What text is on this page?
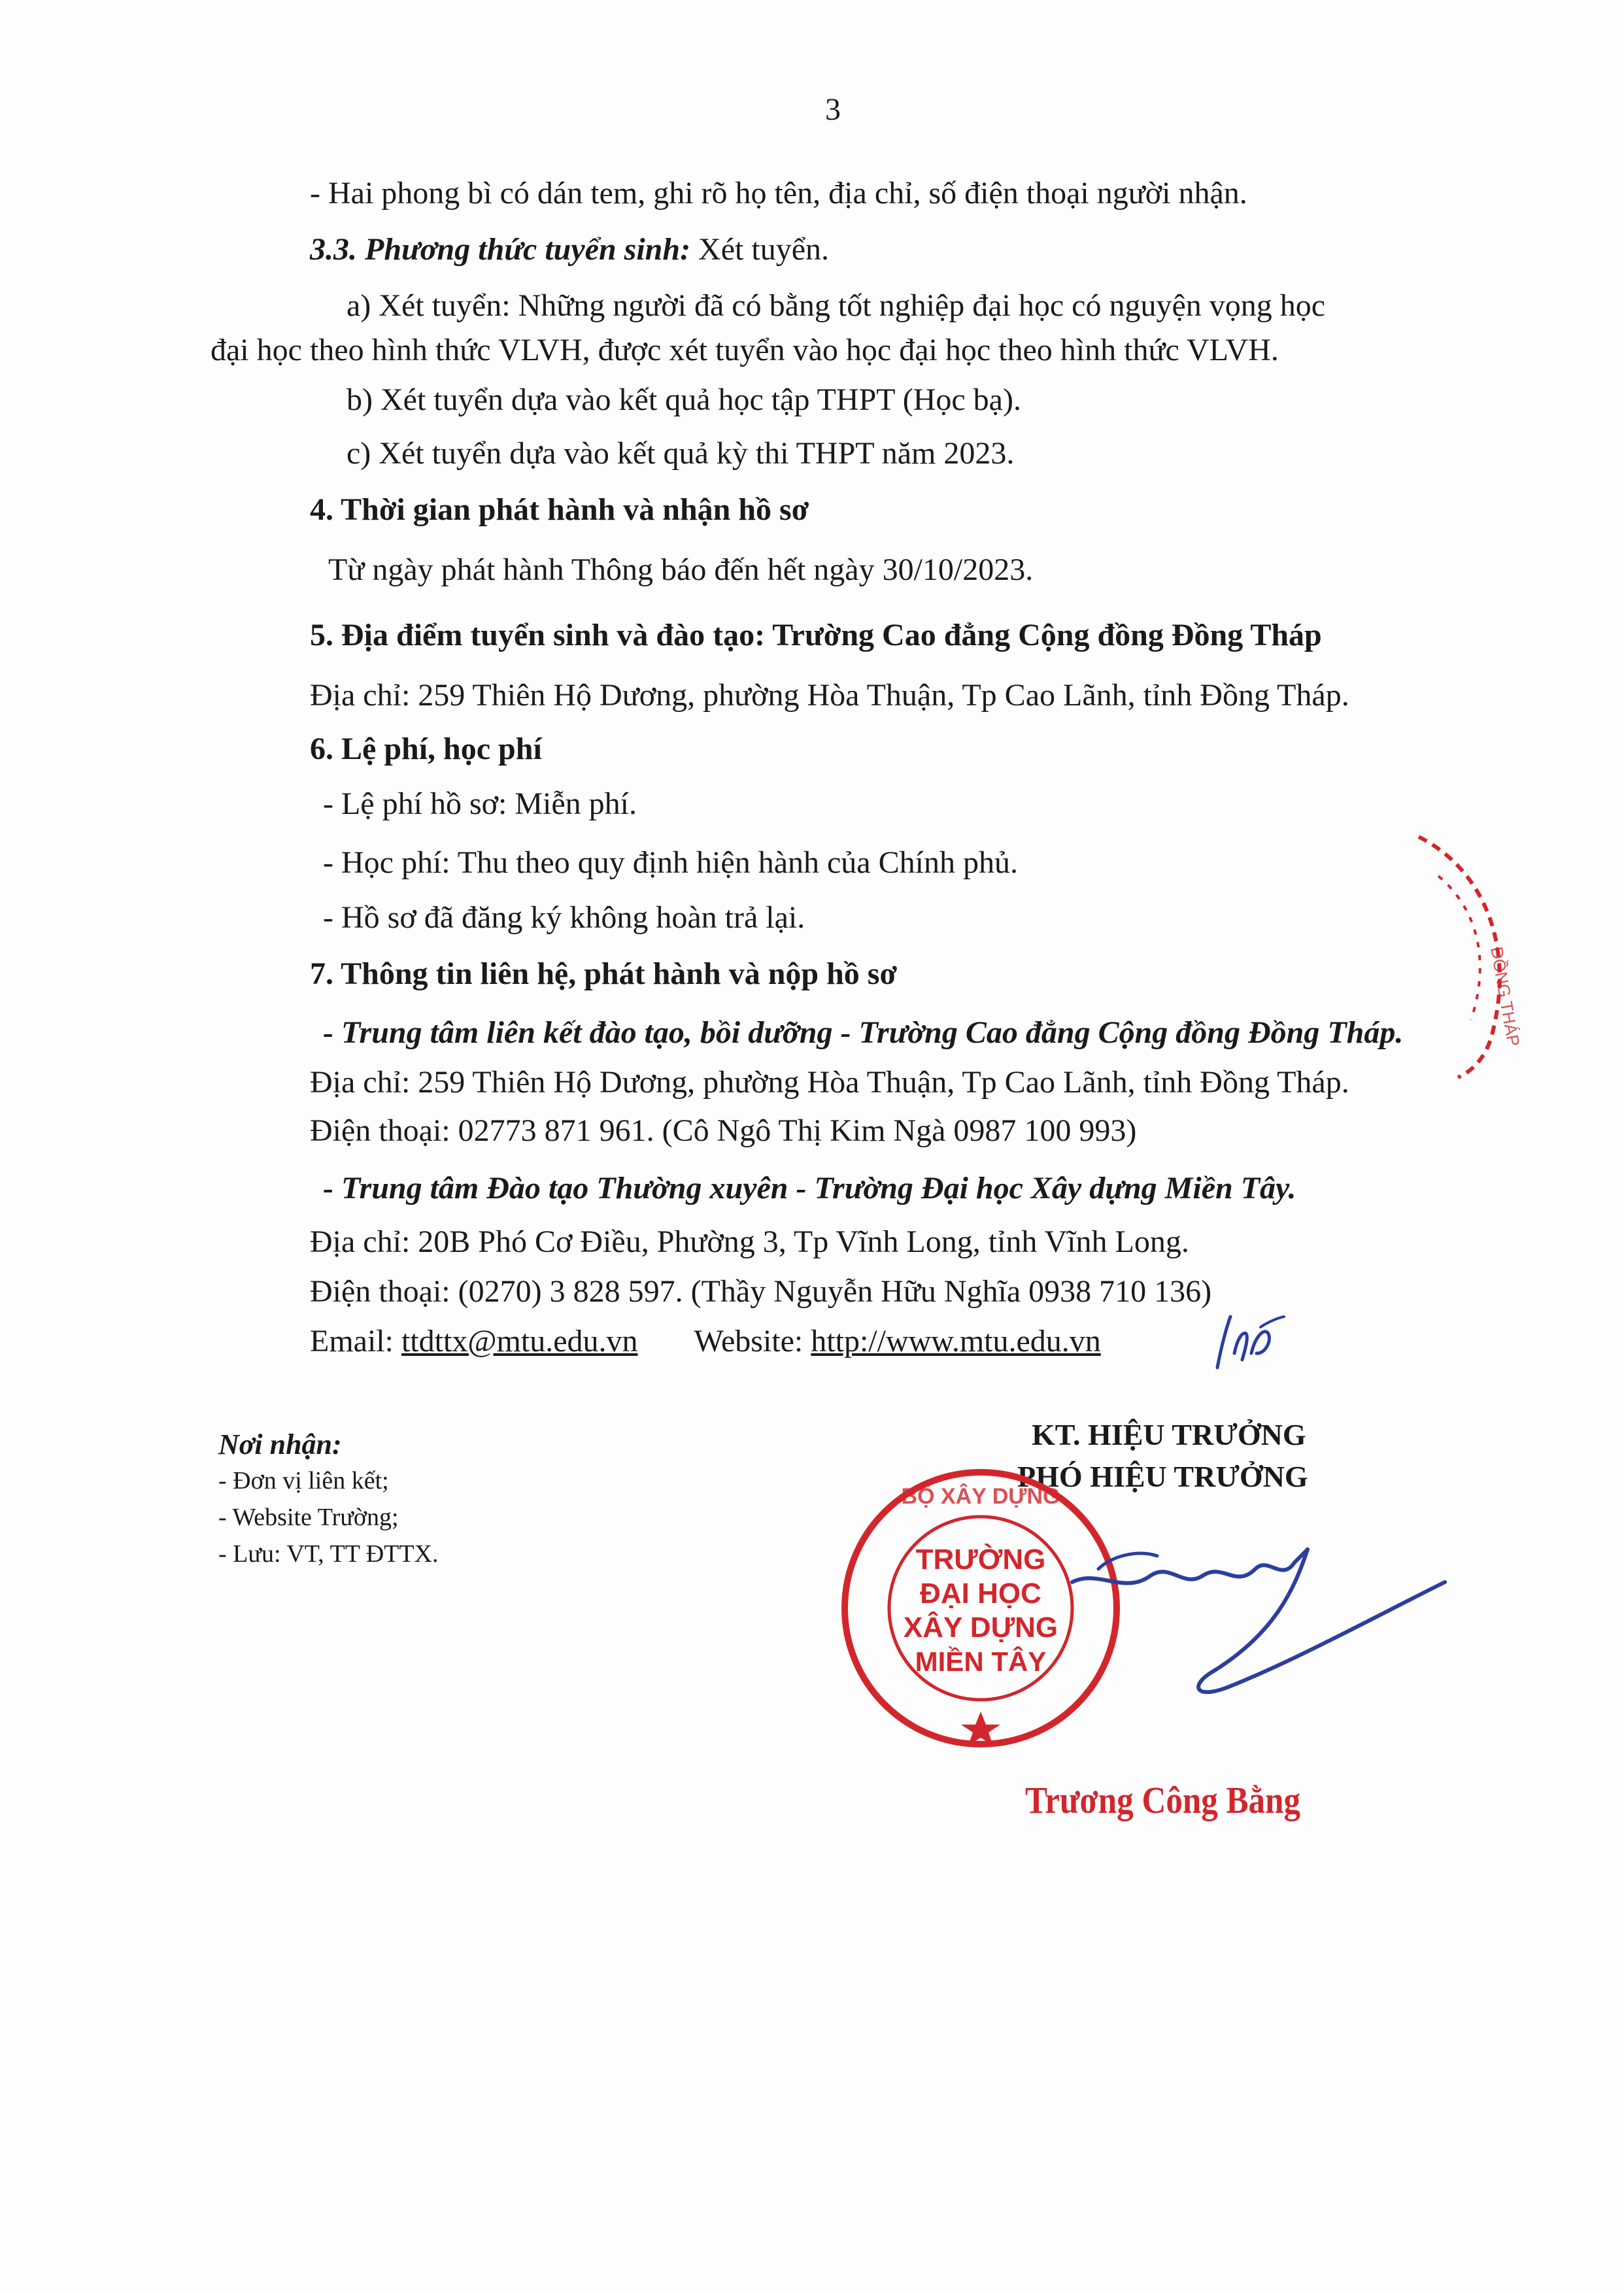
3
- Hai phong bì có dán tem, ghi rõ họ tên, địa chỉ, số điện thoại người nhận.
3.3. Phương thức tuyển sinh: Xét tuyển.
a) Xét tuyển: Những người đã có bằng tốt nghiệp đại học có nguyện vọng học
đại học theo hình thức VLVH, được xét tuyển vào học đại học theo hình thức VLVH.
b) Xét tuyển dựa vào kết quả học tập THPT (Học bạ).
c) Xét tuyển dựa vào kết quả kỳ thi THPT năm 2023.
4. Thời gian phát hành và nhận hồ sơ
Từ ngày phát hành Thông báo đến hết ngày 30/10/2023.
5. Địa điểm tuyển sinh và đào tạo: Trường Cao đẳng Cộng đồng Đồng Tháp
Địa chỉ: 259 Thiên Hộ Dương, phường Hòa Thuận, Tp Cao Lãnh, tỉnh Đồng Tháp.
6. Lệ phí, học phí
- Lệ phí hồ sơ: Miễn phí.
- Học phí: Thu theo quy định hiện hành của Chính phủ.
- Hồ sơ đã đăng ký không hoàn trả lại.
7. Thông tin liên hệ, phát hành và nộp hồ sơ
- Trung tâm liên kết đào tạo, bồi dưỡng - Trường Cao đẳng Cộng đồng Đồng Tháp.
Địa chỉ: 259 Thiên Hộ Dương, phường Hòa Thuận, Tp Cao Lãnh, tỉnh Đồng Tháp.
Điện thoại: 02773 871 961. (Cô Ngô Thị Kim Ngà 0987 100 993)
- Trung tâm Đào tạo Thường xuyên - Trường Đại học Xây dựng Miền Tây.
Địa chỉ: 20B Phó Cơ Điều, Phường 3, Tp Vĩnh Long, tỉnh Vĩnh Long.
Điện thoại: (0270) 3 828 597. (Thầy Nguyễn Hữu Nghĩa 0938 710 136)
Email: ttdttx@mtu.edu.vn Website: http://www.mtu.edu.vn
Nơi nhận:
- Đơn vị liên kết;
- Website Trường;
- Lưu: VT, TT ĐTTX.
KT. HIỆU TRƯỞNG
PHÓ HIỆU TRƯỞNG
TRƯỜNG
ĐẠI HỌC
XÂY DỰNG
MIỀN TÂY
BỘ XÂY DỰNG
ĐỒNG THÁP
Trương Công Bằng
